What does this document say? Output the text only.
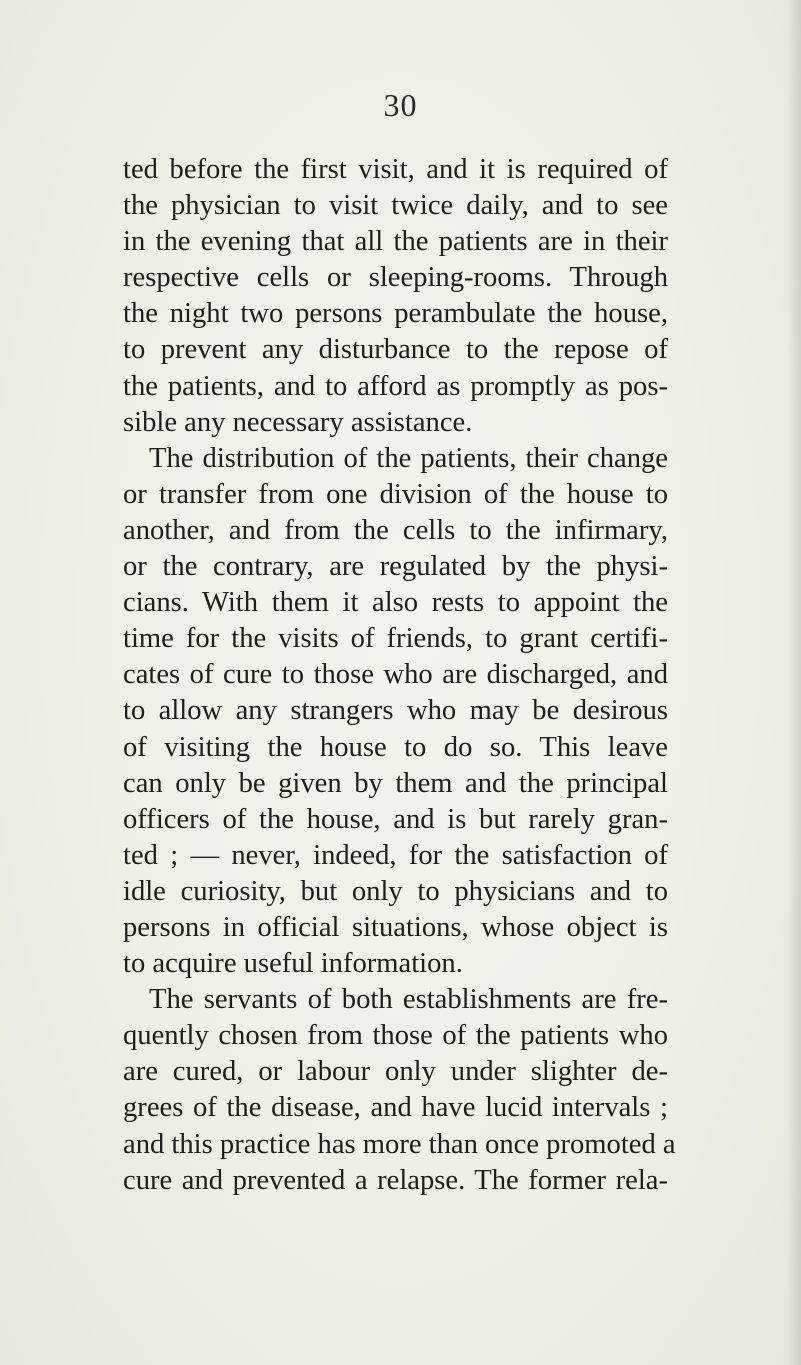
30
ted before the first visit, and it is required of
the physician to visit twice daily, and to see
in the evening that all the patients are in their
respective cells or sleeping-rooms. Through
the night two persons perambulate the house,
to prevent any disturbance to the repose of
the patients, and to afford as promptly as pos-
sible any necessary assistance.
The distribution of the patients, their change
or transfer from one division of the house to
another, and from the cells to the infirmary,
or the contrary, are regulated by the physi-
cians. With them it also rests to appoint the
time for the visits of friends, to grant certifi-
cates of cure to those who are discharged, and
to allow any strangers who may be desirous
of visiting the house to do so. This leave
can only be given by them and the principal
officers of the house, and is but rarely gran-
ted ; — never, indeed, for the satisfaction of
idle curiosity, but only to physicians and to
persons in official situations, whose object is
to acquire useful information.
The servants of both establishments are fre-
quently chosen from those of the patients who
are cured, or labour only under slighter de-
grees of the disease, and have lucid intervals ;
and this practice has more than once promoted a
cure and prevented a relapse. The former rela-
